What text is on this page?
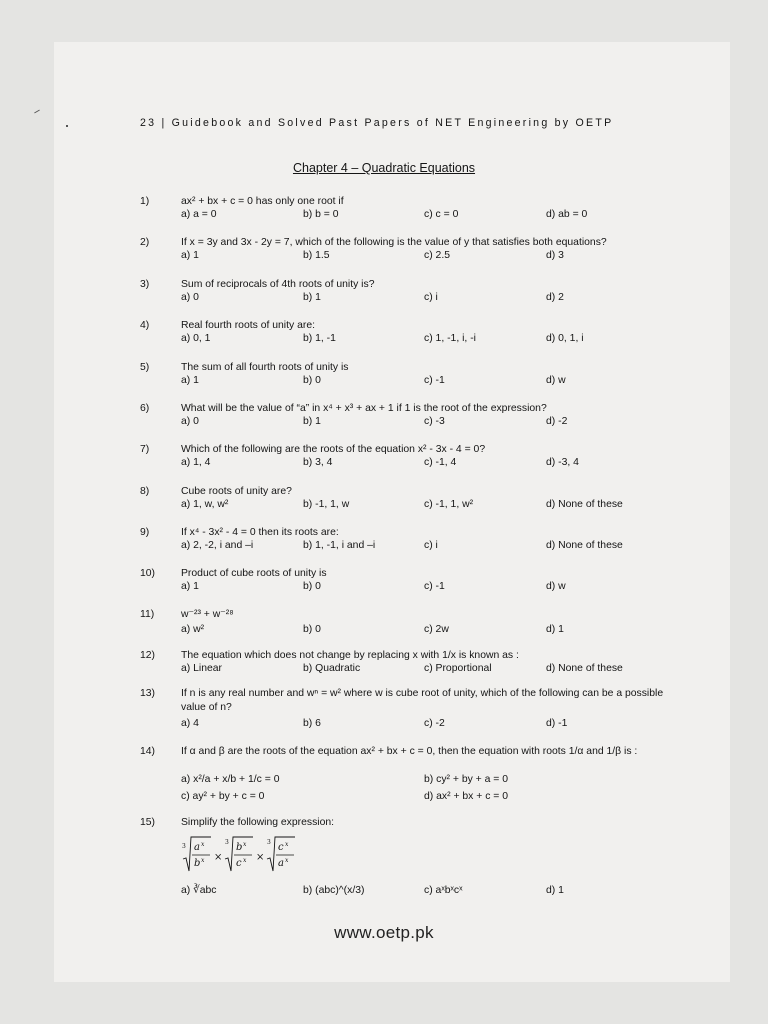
23 | Guidebook and Solved Past Papers of NET Engineering by OETP
Chapter 4 – Quadratic Equations
1)	ax² + bx + c = 0 has only one root if
a) a = 0	b) b = 0	c) c = 0	d) ab = 0
2)	If x = 3y and 3x - 2y = 7, which of the following is the value of y that satisfies both equations?
a) 1	b) 1.5	c) 2.5	d) 3
3)	Sum of reciprocals of 4th roots of unity is?
a) 0	b) 1	c) i	d) 2
4)	Real fourth roots of unity are:
a) 0, 1	b) 1, -1	c) 1, -1, i, -i	d) 0, 1, i
5)	The sum of all fourth roots of unity is
a) 1	b) 0	c) -1	d) w
6)	What will be the value of “a” in x⁴ + x³ + ax + 1 if 1 is the root of the expression?
a) 0	b) 1	c) -3	d) -2
7)	Which of the following are the roots of the equation x² - 3x - 4 = 0?
a) 1, 4	b) 3, 4	c) -1, 4	d) -3, 4
8)	Cube roots of unity are?
a) 1, w, w²	b) -1, 1, w	c) -1, 1, w²	d) None of these
9)	If x⁴ - 3x² - 4 = 0 then its roots are:
a) 2, -2, i and –i	b) 1, -1, i and –i	c) i	d) None of these
10) Product of cube roots of unity is
a) 1	b) 0	c) -1	d) w
11)	w⁻²³ + w⁻²⁸
a) w²	b) 0	c) 2w	d) 1
12) The equation which does not change by replacing x with 1/x is known as :
a) Linear	b) Quadratic	c) Proportional	d) None of these
13) If n is any real number and wⁿ = w² where w is cube root of unity, which of the following can be a possible value of n?
a) 4	b) 6	c) -2	d) -1
14) If α and β are the roots of the equation ax² + bx + c = 0, then the equation with roots 1/α and 1/β is :
a) x²/a + x/b + 1/c = 0	b) cy² + by + a = 0
c) ay² + by + c = 0	d) ax² + bx + c = 0
15) Simplify the following expression:
a) ∛abc	b) (abc)^(x/3)	c) aˣbˣcˣ	d) 1
3 a x
b x ×
3 b x
c x ×
3 c x
a x
www.oetp.pk
